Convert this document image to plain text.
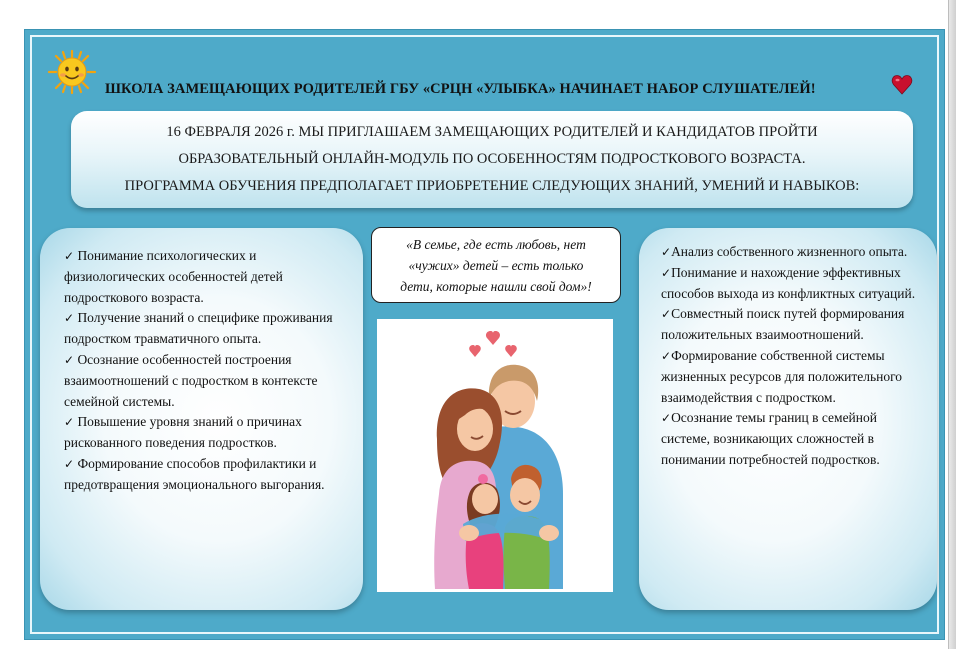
ШКОЛА ЗАМЕЩАЮЩИХ РОДИТЕЛЕЙ ГБУ «СРЦН «УЛЫБКА» НАЧИНАЕТ НАБОР СЛУШАТЕЛЕЙ!
16 ФЕВРАЛЯ 2026 г. МЫ ПРИГЛАШАЕМ ЗАМЕЩАЮЩИХ РОДИТЕЛЕЙ И КАНДИДАТОВ ПРОЙТИ
ОБРАЗОВАТЕЛЬНЫЙ ОНЛАЙН-МОДУЛЬ ПО ОСОБЕННОСТЯМ ПОДРОСТКОВОГО ВОЗРАСТА.
ПРОГРАММА ОБУЧЕНИЯ ПРЕДПОЛАГАЕТ ПРИОБРЕТЕНИЕ СЛЕДУЮЩИХ ЗНАНИЙ, УМЕНИЙ И НАВЫКОВ:
✓ Понимание психологических и физиологических особенностей детей подросткового возраста.
✓ Получение знаний о специфике проживания подростком травматичного опыта.
✓ Осознание особенностей построения взаимоотношений с подростком в контексте семейной системы.
✓ Повышение уровня знаний о причинах рискованного поведения подростков.
✓ Формирование способов профилактики и предотвращения эмоционального выгорания.
«В семье, где есть любовь, нет
«чужих» детей – есть только
дети, которые нашли свой дом»!
✓Анализ собственного жизненного опыта.
✓Понимание и нахождение эффективных способов выхода из конфликтных ситуаций.
✓Совместный поиск путей формирования положительных взаимоотношений.
✓Формирование собственной системы жизненных ресурсов для положительного взаимодействия с подростком.
✓Осознание темы границ в семейной системе, возникающих сложностей в понимании потребностей подростков.
